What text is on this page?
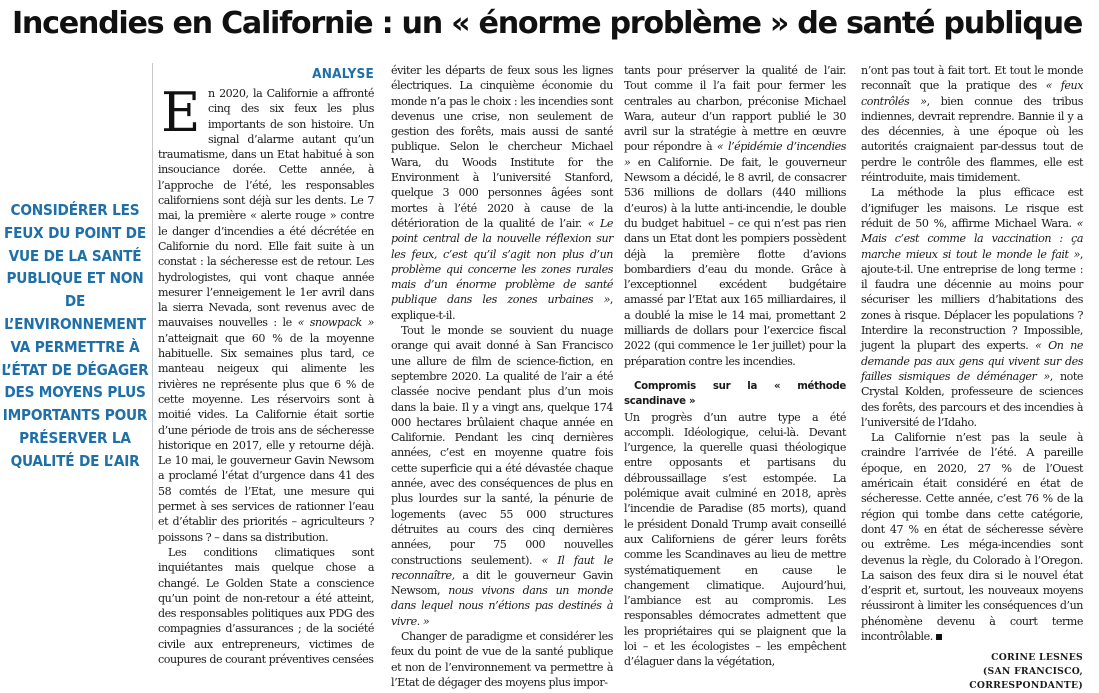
Incendies en Californie : un « énorme problème » de santé publique
CONSIDÉRER LES FEUX DU POINT DE VUE DE LA SANTÉ PUBLIQUE ET NON DE L’ENVIRONNEMENT VA PERMETTRE À L’ÉTAT DE DÉGAGER DES MOYENS PLUS IMPORTANTS POUR PRÉSERVER LA QUALITÉ DE L’AIR
ANALYSE

En 2020, la Californie a affronté cinq des six feux les plus importants de son histoire. Un signal d’alarme autant qu’un traumatisme, dans un Etat habitué à son insouciance dorée. Cette année, à l’approche de l’été, les responsables californiens sont déjà sur les dents. Le 7 mai, la première « alerte rouge » contre le danger d’incendies a été décrétée en Californie du nord. Elle fait suite à un constat : la sécheresse est de retour. Les hydrologistes, qui vont chaque année mesurer l’enneigement le 1er avril dans la sierra Nevada, sont revenus avec de mauvaises nouvelles : le « snowpack » n’atteignait que 60 % de la moyenne habituelle. Six semaines plus tard, ce manteau neigeux qui alimente les rivières ne représente plus que 6 % de cette moyenne. Les réservoirs sont à moitié vides. La Californie était sortie d’une période de trois ans de sécheresse historique en 2017, elle y retourne déjà. Le 10 mai, le gouverneur Gavin Newsom a proclamé l’état d’urgence dans 41 des 58 comtés de l’Etat, une mesure qui permet à ses services de rationner l’eau et d’établir des priorités – agriculteurs ? poissons ? – dans sa distribution.

Les conditions climatiques sont inquiétantes mais quelque chose a changé. Le Golden State a conscience qu’un point de non-retour a été atteint, des responsables politiques aux PDG des compagnies d’assurances ; de la société civile aux entrepreneurs, victimes de coupures de courant préventives censées

éviter les départs de feux sous les lignes électriques. La cinquième économie du monde n’a pas le choix : les incendies sont devenus une crise, non seulement de gestion des forêts, mais aussi de santé publique. Selon le chercheur Michael Wara, du Woods Institute for the Environment à l’université Stanford, quelque 3 000 personnes âgées sont mortes à l’été 2020 à cause de la détérioration de la qualité de l’air. « Le point central de la nouvelle réflexion sur les feux, c’est qu’il s’agit non plus d’un problème qui concerne les zones rurales mais d’un énorme problème de santé publique dans les zones urbaines », explique-t-il.

Tout le monde se souvient du nuage orange qui avait donné à San Francisco une allure de film de science-fiction, en septembre 2020. La qualité de l’air a été classée nocive pendant plus d’un mois dans la baie. Il y a vingt ans, quelque 174 000 hectares brûlaient chaque année en Californie. Pendant les cinq dernières années, c’est en moyenne quatre fois cette superficie qui a été dévastée chaque année, avec des conséquences de plus en plus lourdes sur la santé, la pénurie de logements (avec 55 000 structures détruites au cours des cinq dernières années, pour 75 000 nouvelles constructions seulement). « Il faut le reconnaître, a dit le gouverneur Gavin Newsom, nous vivons dans un monde dans lequel nous n’étions pas destinés à vivre. »

Changer de paradigme et considérer les feux du point de vue de la santé publique et non de l’environnement va permettre à l’Etat de dégager des moyens plus impor-

tants pour préserver la qualité de l’air. Tout comme il l’a fait pour fermer les centrales au charbon, préconise Michael Wara, auteur d’un rapport publié le 30 avril sur la stratégie à mettre en œuvre pour répondre à « l’épidémie d’incendies » en Californie. De fait, le gouverneur Newsom a décidé, le 8 avril, de consacrer 536 millions de dollars (440 millions d’euros) à la lutte anti-incendie, le double du budget habituel – ce qui n’est pas rien dans un Etat dont les pompiers possèdent déjà la première flotte d’avions bombardiers d’eau du monde. Grâce à l’exceptionnel excédent budgétaire amassé par l’Etat aux 165 milliardaires, il a doublé la mise le 14 mai, promettant 2 milliards de dollars pour l’exercice fiscal 2022 (qui commence le 1er juillet) pour la préparation contre les incendies.

Compromis sur la « méthode scandinave »

Un progrès d’un autre type a été accompli. Idéologique, celui-là. Devant l’urgence, la querelle quasi théologique entre opposants et partisans du débroussaillage s’est estompée. La polémique avait culminé en 2018, après l’incendie de Paradise (85 morts), quand le président Donald Trump avait conseillé aux Californiens de gérer leurs forêts comme les Scandinaves au lieu de mettre systématiquement en cause le changement climatique. Aujourd’hui, l’ambiance est au compromis. Les responsables démocrates admettent que les propriétaires qui se plaignent que la loi – et les écologistes – les empêchent d’élaguer dans la végétation,

n’ont pas tout à fait tort. Et tout le monde reconnaît que la pratique des « feux contrôlés », bien connue des tribus indiennes, devrait reprendre. Bannie il y a des décennies, à une époque où les autorités craignaient par-dessus tout de perdre le contrôle des flammes, elle est réintroduite, mais timidement.

La méthode la plus efficace est d’ignifuger les maisons. Le risque est réduit de 50 %, affirme Michael Wara. « Mais c’est comme la vaccination : ça marche mieux si tout le monde le fait », ajoute-t-il. Une entreprise de long terme : il faudra une décennie au moins pour sécuriser les milliers d’habitations des zones à risque. Déplacer les populations ? Interdire la reconstruction ? Impossible, jugent la plupart des experts. « On ne demande pas aux gens qui vivent sur des failles sismiques de déménager », note Crystal Kolden, professeure de sciences des forêts, des parcours et des incendies à l’université de l’Idaho.

La Californie n’est pas la seule à craindre l’arrivée de l’été. A pareille époque, en 2020, 27 % de l’Ouest américain était considéré en état de sécheresse. Cette année, c’est 76 % de la région qui tombe dans cette catégorie, dont 47 % en état de sécheresse sévère ou extrême. Les méga-incendies sont devenus la règle, du Colorado à l’Oregon. La saison des feux dira si le nouvel état d’esprit et, surtout, les nouveaux moyens réussiront à limiter les conséquences d’un phénomène devenu à court terme incontrôlable.

CORINE LESNES

(SAN FRANCISCO, CORRESPONDANTE)
